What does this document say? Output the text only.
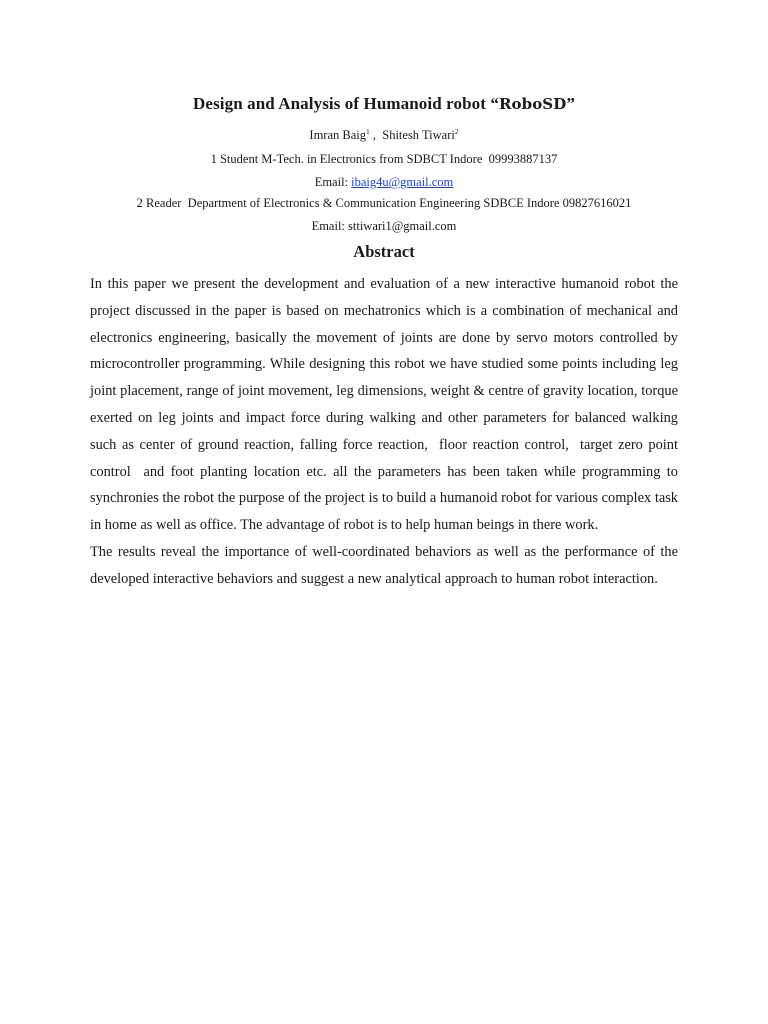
Design and Analysis of Humanoid robot “RoboSD”
Imran Baig$^1$ ,  Shitesh Tiwari$^2$
1 Student M-Tech. in Electronics from SDBCT Indore  09993887137
Email: ibaig4u@gmail.com
2 Reader  Department of Electronics & Communication Engineering SDBCE Indore 09827616021
Email: sttiwari1@gmail.com
Abstract

In this paper we present the development and evaluation of a new interactive humanoid robot the project discussed in the paper is based on mechatronics which is a combination of mechanical and electronics engineering, basically the movement of joints are done by servo motors controlled by microcontroller programming. While designing this robot we have studied some points including leg joint placement, range of joint movement, leg dimensions, weight & centre of gravity location, torque exerted on leg joints and impact force during walking and other parameters for balanced walking   such as center of ground reaction, falling force reaction,  floor reaction control,  target zero point control  and foot planting location etc. all the parameters has been taken while programming to synchronies the robot the purpose of the project is to build a humanoid robot for various complex task in home as well as office. The advantage of robot is to help human beings in there work.

The results reveal the importance of well-coordinated behaviors as well as the performance of the developed interactive behaviors and suggest a new analytical approach to human robot interaction.
